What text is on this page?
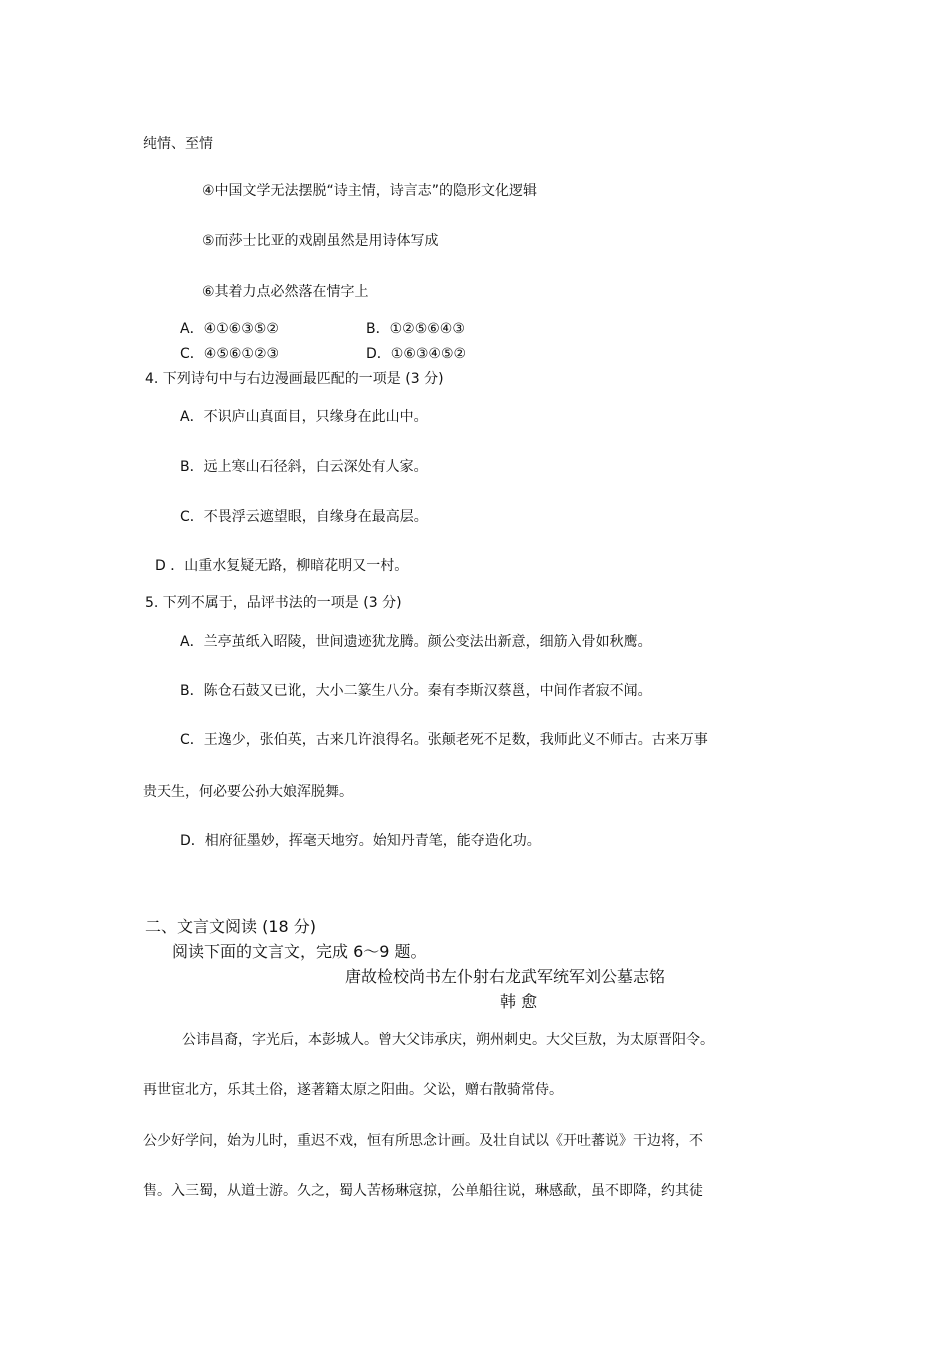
纯情、至情
④中国文学无法摆脱“诗主情，诗言志”的隐形文化逻辑
⑤而莎士比亚的戏剧虽然是用诗体写成
⑥其着力点必然落在情字上
A．④①⑥③⑤②	B．①②⑤⑥④③
C．④⑤⑥①②③	D．①⑥③④⑤②
4. 下列诗句中与右边漫画最匹配的一项是 (3 分)
A．不识庐山真面目，只缘身在此山中。
B．远上寒山石径斜，白云深处有人家。
C．不畏浮云遮望眼，自缘身在最高层。
D ．山重水复疑无路，柳暗花明又一村。
5. 下列不属于，品评书法的一项是 (3 分)
A．兰亭茧纸入昭陵，世间遗迹犹龙腾。颜公变法出新意，细筋入骨如秋鹰。
B．陈仓石鼓又已讹，大小二篆生八分。秦有李斯汉蔡邕，中间作者寂不闻。
C．王逸少，张伯英，古来几许浪得名。张颠老死不足数，我师此义不师古。古来万事
贵天生，何必要公孙大娘浑脱舞。
D．相府征墨妙，挥毫天地穷。始知丹青笔，能夺造化功。
二、文言文阅读 (18 分)
阅读下面的文言文，完成 6～9 题。
唐故检校尚书左仆射右龙武军统军刘公墓志铭
韩 愈
公讳昌裔，字光后，本彭城人。曾大父讳承庆，朔州刺史。大父巨敖，为太原晋阳令。
再世宦北方，乐其土俗，遂著籍太原之阳曲。父讼，赠右散骑常侍。
公少好学问，始为儿时，重迟不戏，恒有所思念计画。及壮自试以《开吐蕃说》干边将，不
售。入三蜀，从道士游。久之，蜀人苦杨琳寇掠，公单船往说，琳感歃，虽不即降，约其徒
